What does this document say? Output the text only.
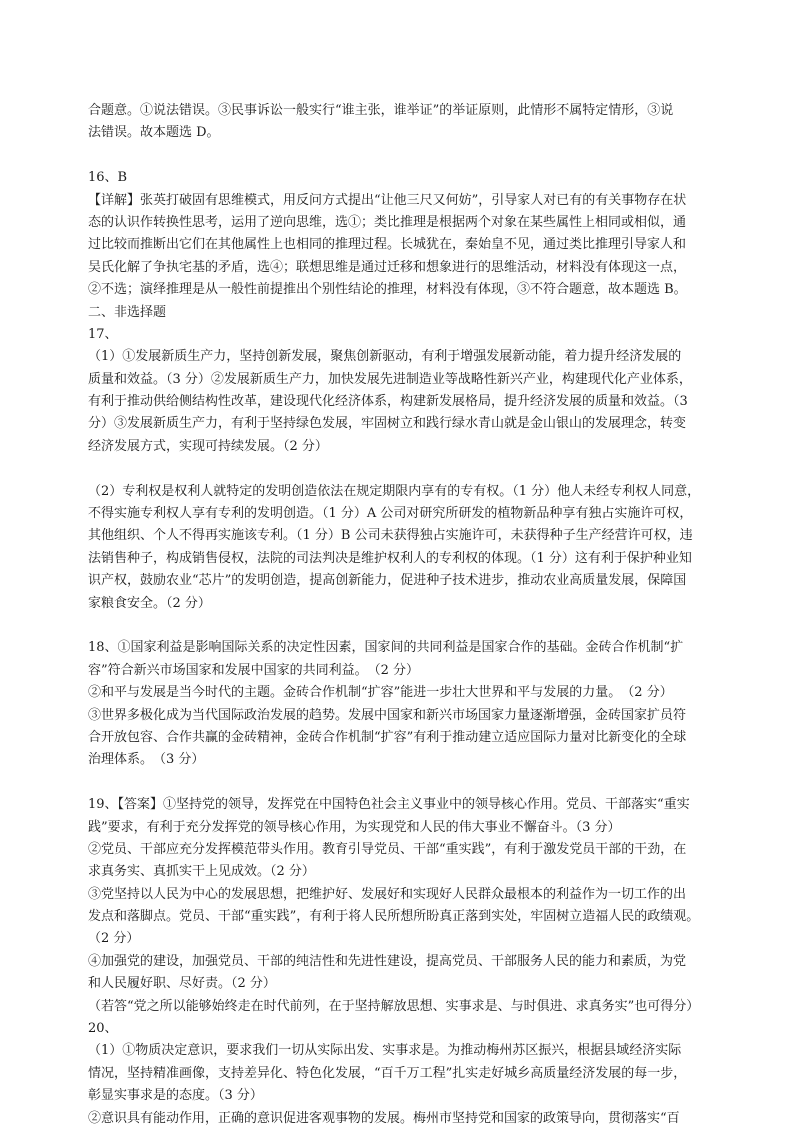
合题意。①说法错误。③民事诉讼一般实行“谁主张，谁举证”的举证原则，此情形不属特定情形，③说
法错误。故本题选 D。
16、B
【详解】张英打破固有思维模式，用反问方式提出“让他三尺又何妨”，引导家人对已有的有关事物存在状
态的认识作转换性思考，运用了逆向思维，选①；类比推理是根据两个对象在某些属性上相同或相似，通
过比较而推断出它们在其他属性上也相同的推理过程。长城犹在，秦始皇不见，通过类比推理引导家人和
吴氏化解了争执宅基的矛盾，选④；联想思维是通过迁移和想象进行的思维活动，材料没有体现这一点，
②不选；演绎推理是从一般性前提推出个别性结论的推理，材料没有体现，③不符合题意，故本题选 B。
二、非选择题
17、
（1）①发展新质生产力，坚持创新发展，聚焦创新驱动，有利于增强发展新动能，着力提升经济发展的
质量和效益。（3 分）②发展新质生产力，加快发展先进制造业等战略性新兴产业，构建现代化产业体系，
有利于推动供给侧结构性改革，建设现代化经济体系，构建新发展格局，提升经济发展的质量和效益。（3
分）③发展新质生产力，有利于坚持绿色发展，牢固树立和践行绿水青山就是金山银山的发展理念，转变
经济发展方式，实现可持续发展。（2 分）
（2）专利权是权利人就特定的发明创造依法在规定期限内享有的专有权。（1 分）他人未经专利权人同意，
不得实施专利权人享有专利的发明创造。（1 分）A 公司对研究所研发的植物新品种享有独占实施许可权，
其他组织、个人不得再实施该专利。（1 分）B 公司未获得独占实施许可，未获得种子生产经营许可权，违
法销售种子，构成销售侵权，法院的司法判决是维护权利人的专利权的体现。（1 分）这有利于保护种业知
识产权，鼓励农业“芯片”的发明创造，提高创新能力，促进种子技术进步，推动农业高质量发展，保障国
家粮食安全。（2 分）
18、①国家利益是影响国际关系的决定性因素，国家间的共同利益是国家合作的基础。金砖合作机制“扩
容”符合新兴市场国家和发展中国家的共同利益。　（2 分）
②和平与发展是当今时代的主题。金砖合作机制“扩容”能进一步壮大世界和平与发展的力量。　（2 分）
③世界多极化成为当代国际政治发展的趋势。发展中国家和新兴市场国家力量逐渐增强，金砖国家扩员符
合开放包容、合作共赢的金砖精神，金砖合作机制“扩容”有利于推动建立适应国际力量对比新变化的全球
治理体系。　（3 分）
19、【答案】①坚持党的领导，发挥党在中国特色社会主义事业中的领导核心作用。党员、干部落实“重实
践”要求，有利于充分发挥党的领导核心作用，为实现党和人民的伟大事业不懈奋斗。（3 分）
②党员、干部应充分发挥模范带头作用。教育引导党员、干部“重实践”，有利于激发党员干部的干劲，在
求真务实、真抓实干上见成效。（2 分）
③党坚持以人民为中心的发展思想，把维护好、发展好和实现好人民群众最根本的利益作为一切工作的出
发点和落脚点。党员、干部“重实践”，有利于将人民所想所盼真正落到实处，牢固树立造福人民的政绩观。
（2 分）
④加强党的建设，加强党员、干部的纯洁性和先进性建设，提高党员、干部服务人民的能力和素质，为党
和人民履好职、尽好责。（2 分）
（若答“党之所以能够始终走在时代前列，在于坚持解放思想、实事求是、与时俱进、求真务实”也可得分）
20、
（1）①物质决定意识，要求我们一切从实际出发、实事求是。为推动梅州苏区振兴，根据县域经济实际
情况，坚持精准画像，支持差异化、特色化发展，“百千万工程”扎实走好城乡高质量经济发展的每一步，
彰显实事求是的态度。（3 分）
②意识具有能动作用，正确的意识促进客观事物的发展。梅州市坚持党和国家的政策导向，贯彻落实“百
